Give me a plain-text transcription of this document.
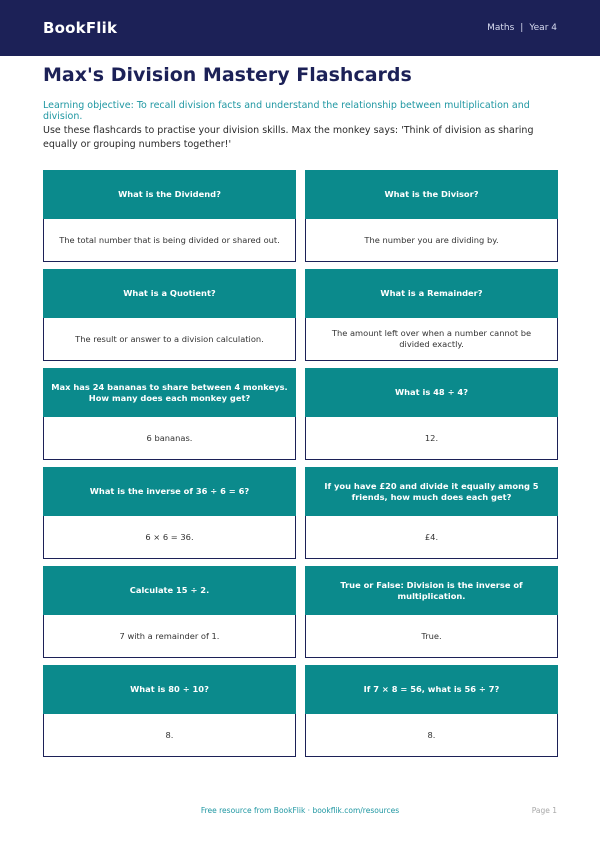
BookFlik	Maths | Year 4
Max's Division Mastery Flashcards
Learning objective: To recall division facts and understand the relationship between multiplication and division.
Use these flashcards to practise your division skills. Max the monkey says: 'Think of division as sharing equally or grouping numbers together!'
What is the Dividend?
The total number that is being divided or shared out.
What is the Divisor?
The number you are dividing by.
What is a Quotient?
The result or answer to a division calculation.
What is a Remainder?
The amount left over when a number cannot be divided exactly.
Max has 24 bananas to share between 4 monkeys. How many does each monkey get?
6 bananas.
What is 48 ÷ 4?
12.
What is the inverse of 36 ÷ 6 = 6?
6 × 6 = 36.
If you have £20 and divide it equally among 5 friends, how much does each get?
£4.
Calculate 15 ÷ 2.
7 with a remainder of 1.
True or False: Division is the inverse of multiplication.
True.
What is 80 ÷ 10?
8.
If 7 × 8 = 56, what is 56 ÷ 7?
8.
Free resource from BookFlik · bookflik.com/resources	Page 1
